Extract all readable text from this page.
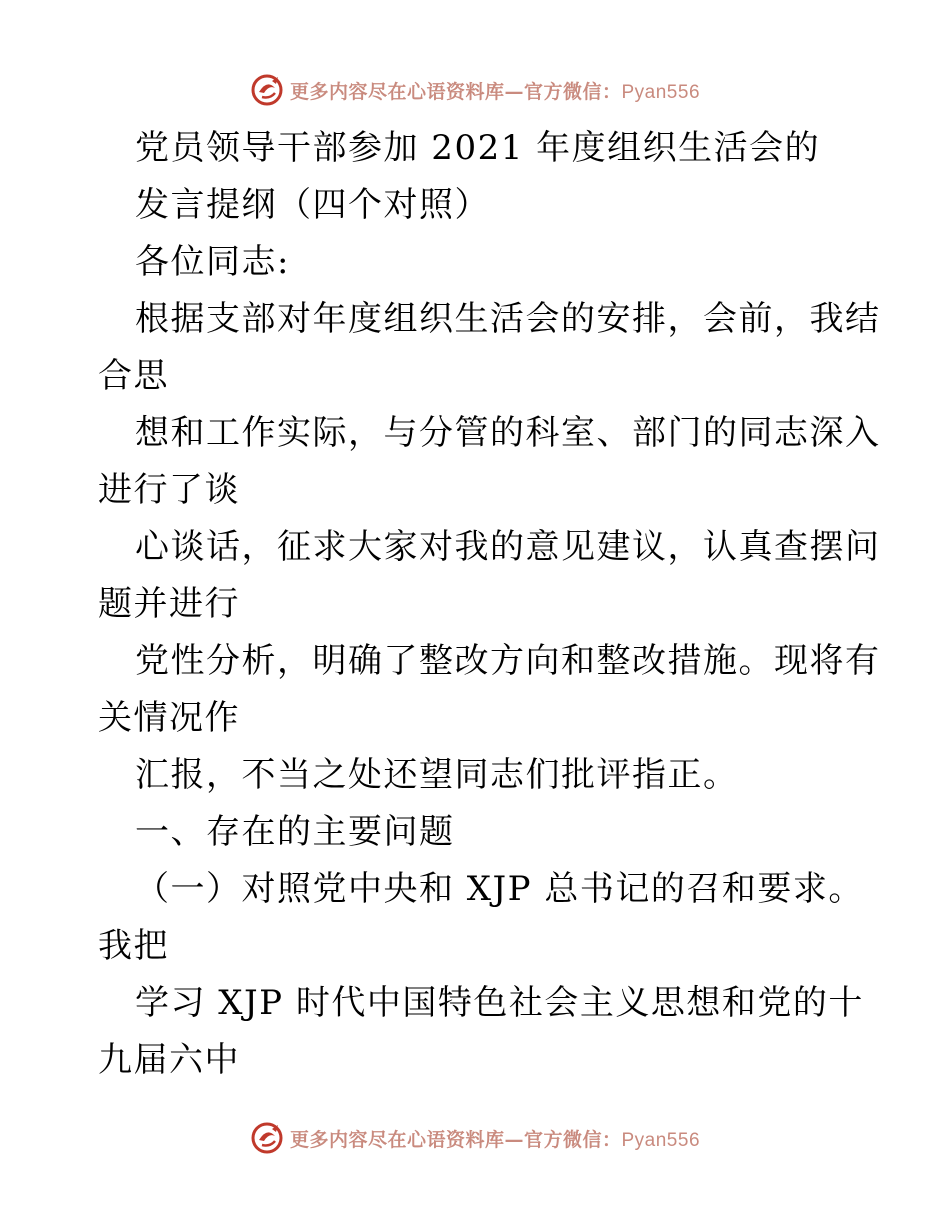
更多内容尽在心语资料库—官方微信：Pyan556
党员领导干部参加 2021 年度组织生活会的
发言提纲（四个对照）
各位同志:
根据支部对年度组织生活会的安排，会前，我结
合思
想和工作实际，与分管的科室、部门的同志深入
进行了谈
心谈话，征求大家对我的意见建议，认真查摆问
题并进行
党性分析，明确了整改方向和整改措施。现将有
关情况作
汇报，不当之处还望同志们批评指正。
一、存在的主要问题
（一）对照党中央和 XJP 总书记的召和要求。
我把
学习 XJP 时代中国特色社会主义思想和党的十
九届六中
更多内容尽在心语资料库—官方微信：Pyan556
